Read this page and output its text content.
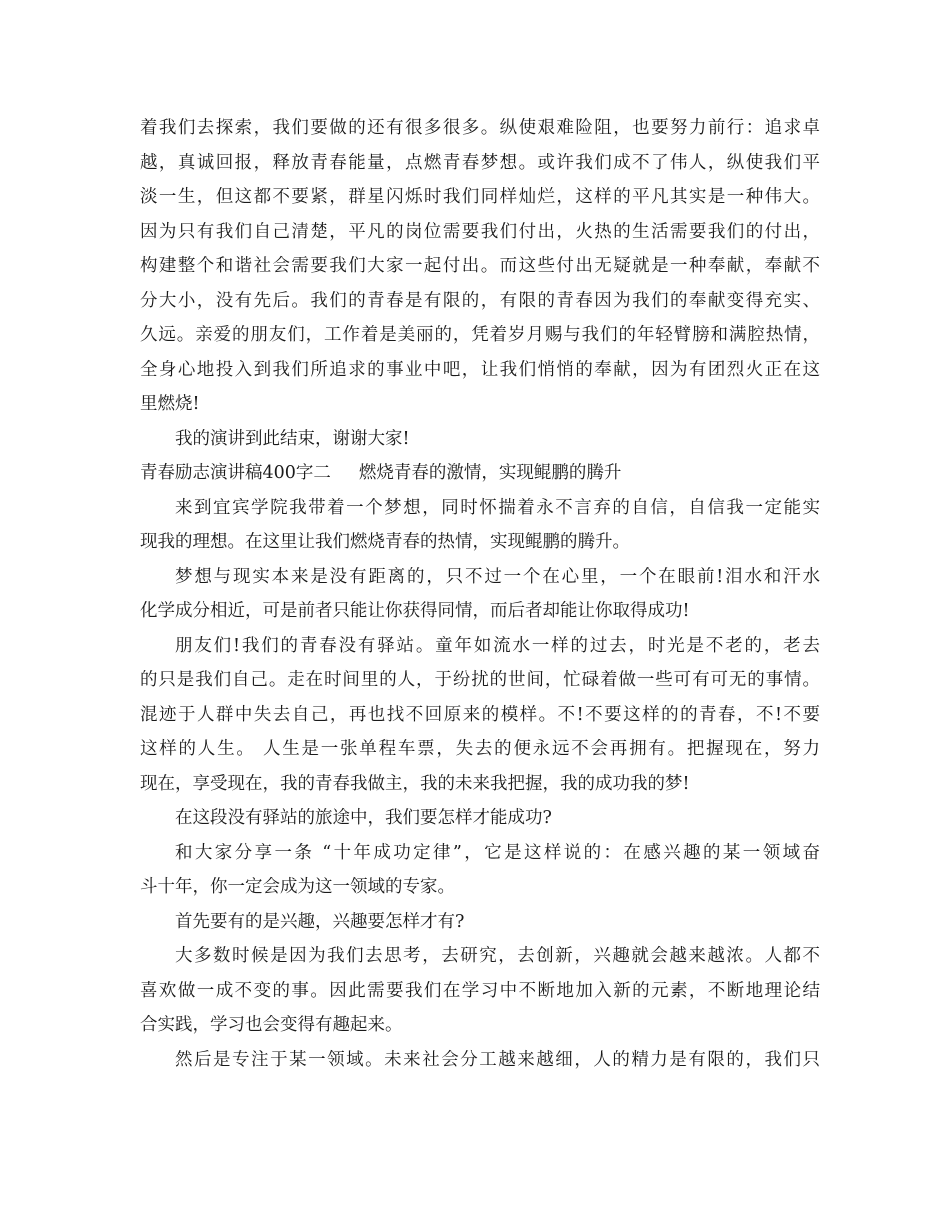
着我们去探索，我们要做的还有很多很多。纵使艰难险阻，也要努力前行：追求卓
越，真诚回报，释放青春能量，点燃青春梦想。或许我们成不了伟人，纵使我们平
淡一生，但这都不要紧，群星闪烁时我们同样灿烂，这样的平凡其实是一种伟大。
因为只有我们自己清楚，平凡的岗位需要我们付出，火热的生活需要我们的付出，
构建整个和谐社会需要我们大家一起付出。而这些付出无疑就是一种奉献，奉献不
分大小，没有先后。我们的青春是有限的，有限的青春因为我们的奉献变得充实、
久远。亲爱的朋友们，工作着是美丽的，凭着岁月赐与我们的年轻臂膀和满腔热情，
全身心地投入到我们所追求的事业中吧，让我们悄悄的奉献，因为有团烈火正在这
里燃烧!
我的演讲到此结束，谢谢大家!
青春励志演讲稿400字二 燃烧青春的激情，实现鲲鹏的腾升
来到宜宾学院我带着一个梦想，同时怀揣着永不言弃的自信，自信我一定能实
现我的理想。在这里让我们燃烧青春的热情，实现鲲鹏的腾升。
梦想与现实本来是没有距离的，只不过一个在心里，一个在眼前!泪水和汗水
化学成分相近，可是前者只能让你获得同情，而后者却能让你取得成功!
朋友们!我们的青春没有驿站。童年如流水一样的过去，时光是不老的，老去
的只是我们自己。走在时间里的人，于纷扰的世间，忙碌着做一些可有可无的事情。
混迹于人群中失去自己，再也找不回原来的模样。不!不要这样的的青春，不!不要
这样的人生。 人生是一张单程车票，失去的便永远不会再拥有。把握现在，努力
现在，享受现在，我的青春我做主，我的未来我把握，我的成功我的梦!
在这段没有驿站的旅途中，我们要怎样才能成功?
和大家分享一条 “十年成功定律”，它是这样说的：在感兴趣的某一领域奋
斗十年，你一定会成为这一领域的专家。
首先要有的是兴趣，兴趣要怎样才有?
大多数时候是因为我们去思考，去研究，去创新，兴趣就会越来越浓。人都不
喜欢做一成不变的事。因此需要我们在学习中不断地加入新的元素，不断地理论结
合实践，学习也会变得有趣起来。
然后是专注于某一领域。未来社会分工越来越细，人的精力是有限的，我们只
